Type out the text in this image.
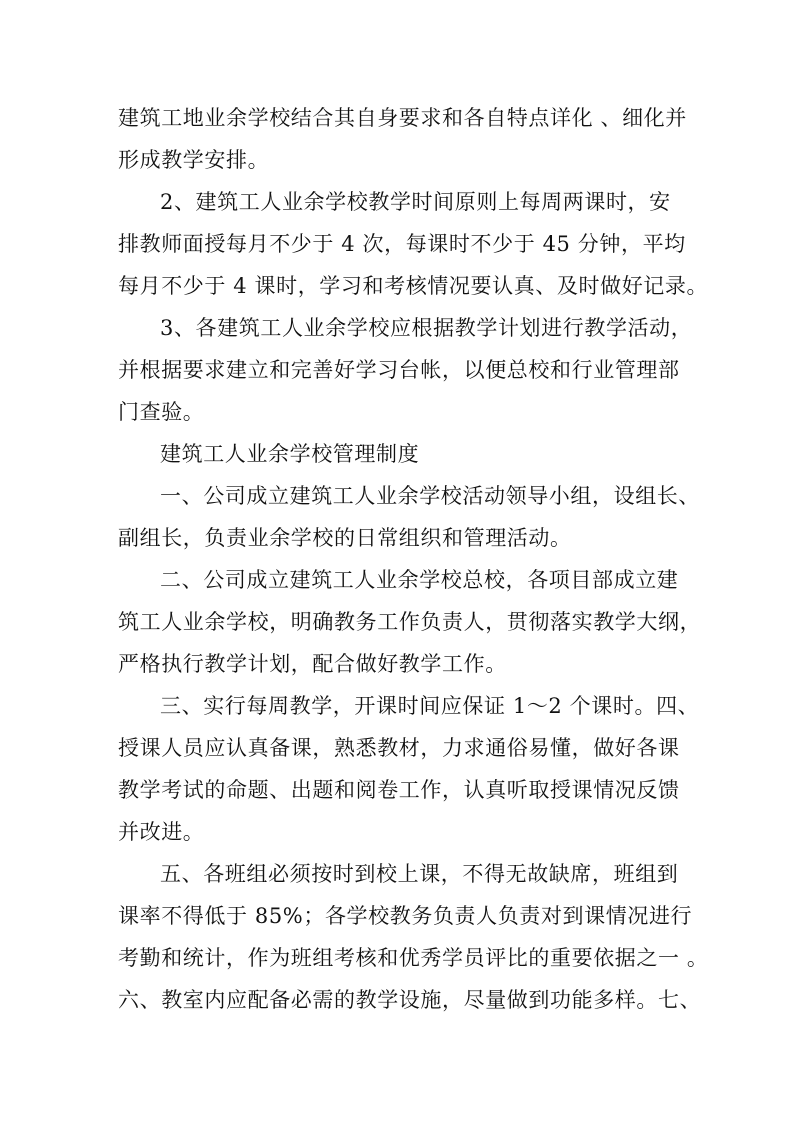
建筑工地业余学校结合其自身要求和各自特点详化 、细化并
形成教学安排。
2、建筑工人业余学校教学时间原则上每周两课时，安
排教师面授每月不少于 4 次，每课时不少于 45 分钟，平均
每月不少于 4 课时，学习和考核情况要认真、及时做好记录。
3、各建筑工人业余学校应根据教学计划进行教学活动，
并根据要求建立和完善好学习台帐，以便总校和行业管理部
门查验。
建筑工人业余学校管理制度
一、公司成立建筑工人业余学校活动领导小组，设组长、
副组长，负责业余学校的日常组织和管理活动。
二、公司成立建筑工人业余学校总校，各项目部成立建
筑工人业余学校，明确教务工作负责人，贯彻落实教学大纲，
严格执行教学计划，配合做好教学工作。
三、实行每周教学，开课时间应保证 1～2 个课时。四、
授课人员应认真备课，熟悉教材，力求通俗易懂，做好各课
教学考试的命题、出题和阅卷工作，认真听取授课情况反馈
并改进。
五、各班组必须按时到校上课，不得无故缺席，班组到
课率不得低于 85%；各学校教务负责人负责对到课情况进行
考勤和统计，作为班组考核和优秀学员评比的重要依据之一 。
六、教室内应配备必需的教学设施，尽量做到功能多样。七、
